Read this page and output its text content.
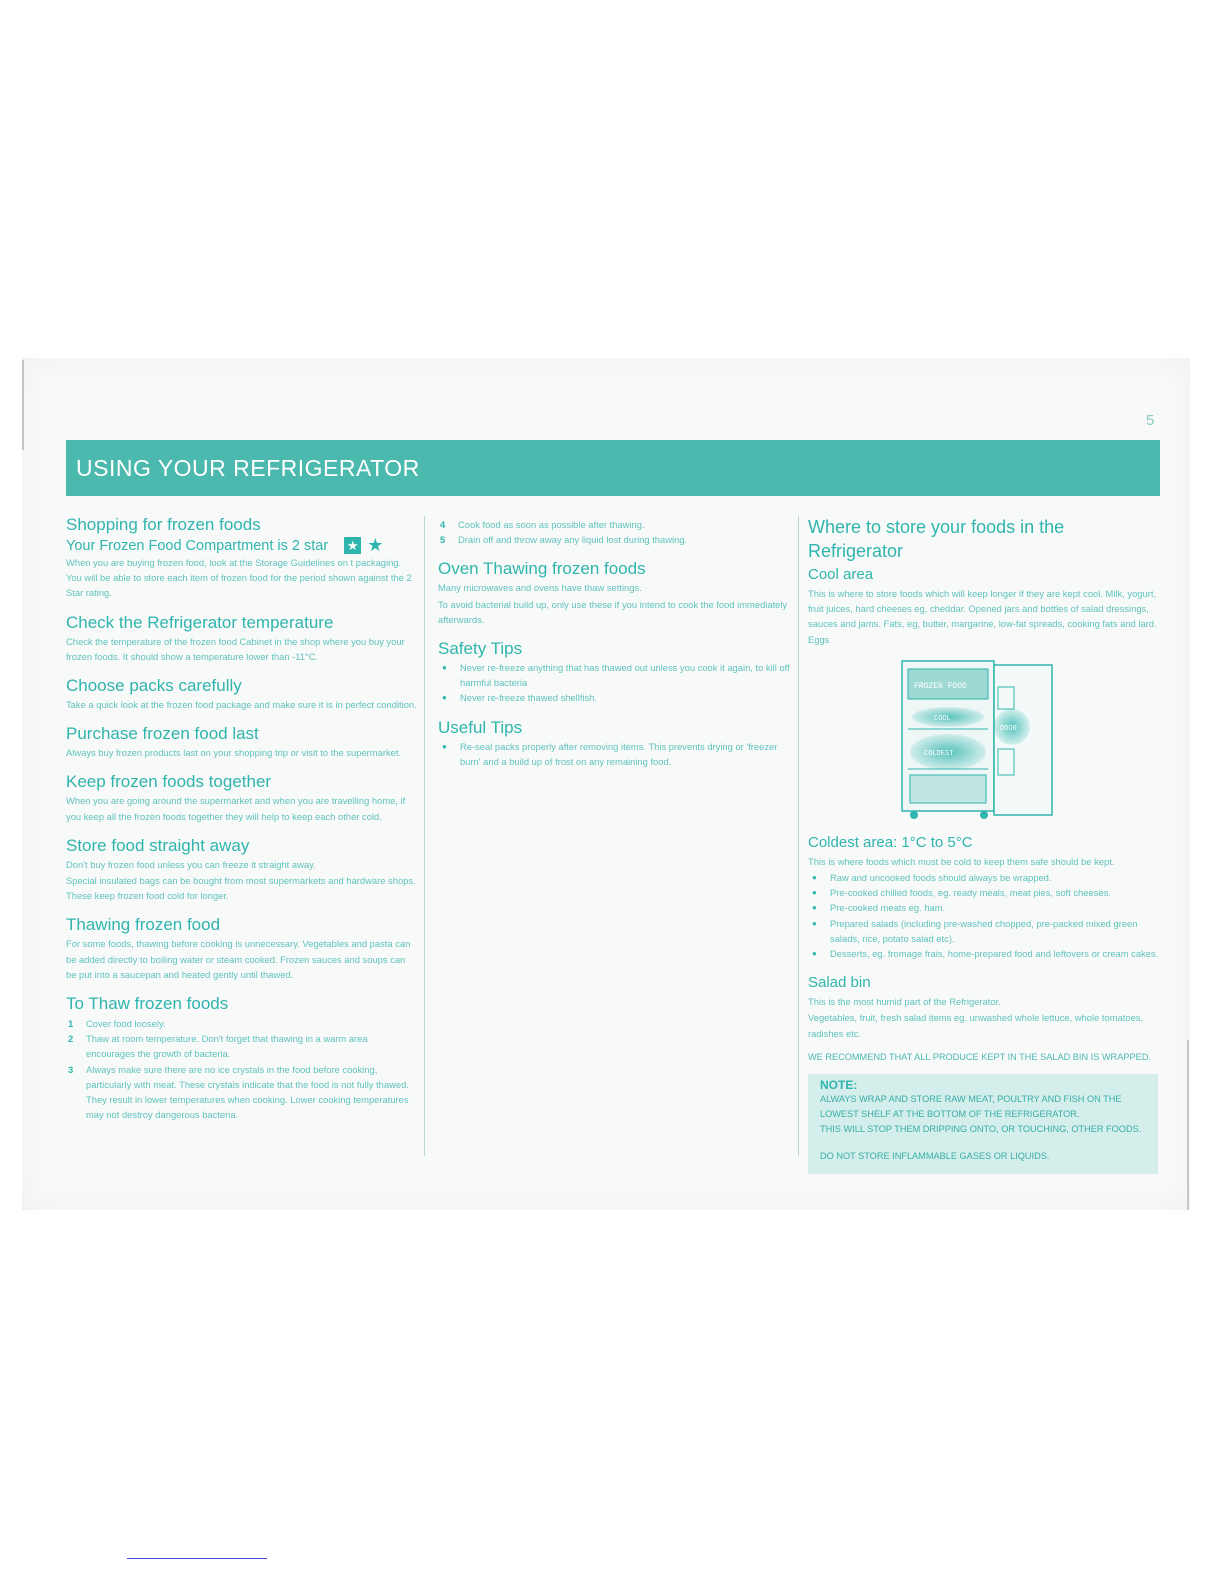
5
USING YOUR REFRIGERATOR
Shopping for frozen foods
Your Frozen Food Compartment is 2 star ★ ★

When you are buying frozen food, look at the Storage Guidelines on t packaging. You will be able to store each item of frozen food for the period shown against the 2 Star rating.

Check the Refrigerator temperature

Check the temperature of the frozen food Cabinet in the shop where you buy your frozen foods. It should show a temperature lower than -11°C.

Choose packs carefully

Take a quick look at the frozen food package and make sure it is in perfect condition.

Purchase frozen food last

Always buy frozen products last on your shopping trip or visit to the supermarket.

Keep frozen foods together

When you are going around the supermarket and when you are travelling home, if you keep all the frozen foods together they will help to keep each other cold.

Store food straight away

Don't buy frozen food unless you can freeze it straight away.

Special insulated bags can be bought from most supermarkets and hardware shops. These keep frozen food cold for longer.

Thawing frozen food

For some foods, thawing before cooking is unnecessary. Vegetables and pasta can be added directly to boiling water or steam cooked. Frozen sauces and soups can be put into a saucepan and heated gently until thawed.

To Thaw frozen foods
1	Cover food loosely.
2	Thaw at room temperature. Don't forget that thawing in a warm area encourages the growth of bacteria.
3	Always make sure there are no ice crystals in the food before cooking, particularly with meat. These crystals indicate that the food is not fully thawed. They result in lower temperatures when cooking. Lower cooking temperatures may not destroy dangerous bacteria.
4	Cook food as soon as possible after thawing.
5	Drain off and throw away any liquid lost during thawing.
Oven Thawing frozen foods

Many microwaves and ovens have thaw settings.

To avoid bacterial build up, only use these if you intend to cook the food immediately afterwards.

Safety Tips
●	Never re-freeze anything that has thawed out unless you cook it again, to kill off harmful bacteria
●	Never re-freeze thawed shellfish.
Useful Tips
●	Re-seal packs properly after removing items. This prevents drying or 'freezer burn' and a build up of frost on any remaining food.
Where to store your foods in the Refrigerator
Cool area

This is where to store foods which will keep longer if they are kept cool. Milk, yogurt, fruit juices, hard cheeses eg, cheddar. Opened jars and bottles of salad dressings, sauces and jams. Fats, eg, butter, margarine, low-fat spreads, cooking fats and lard. Eggs

FROZEN FOOD
COOL
COLDEST
DOOR
Coldest area: 1°C to 5°C

This is where foods which must be cold to keep them safe should be kept.

●	Raw and uncooked foods should always be wrapped.
●	Pre-cooked chilled foods, eg. ready meals, meat pies, soft cheeses.
●	Pre-cooked meats eg. ham.
●	Prepared salads (including pre-washed chopped, pre-packed mixed green salads, rice, potato salad etc).
●	Desserts, eg. fromage frais, home-prepared food and leftovers or cream cakes.
Salad bin

This is the most humid part of the Refrigerator.

Vegetables, fruit, fresh salad items eg. unwashed whole lettuce, whole tomatoes, radishes etc.

WE RECOMMEND THAT ALL PRODUCE KEPT IN THE SALAD BIN IS WRAPPED.

NOTE:
ALWAYS WRAP AND STORE RAW MEAT, POULTRY AND FISH ON THE LOWEST SHELF AT THE BOTTOM OF THE REFRIGERATOR.
THIS WILL STOP THEM DRIPPING ONTO, OR TOUCHING, OTHER FOODS.
DO NOT STORE INFLAMMABLE GASES OR LIQUIDS.
